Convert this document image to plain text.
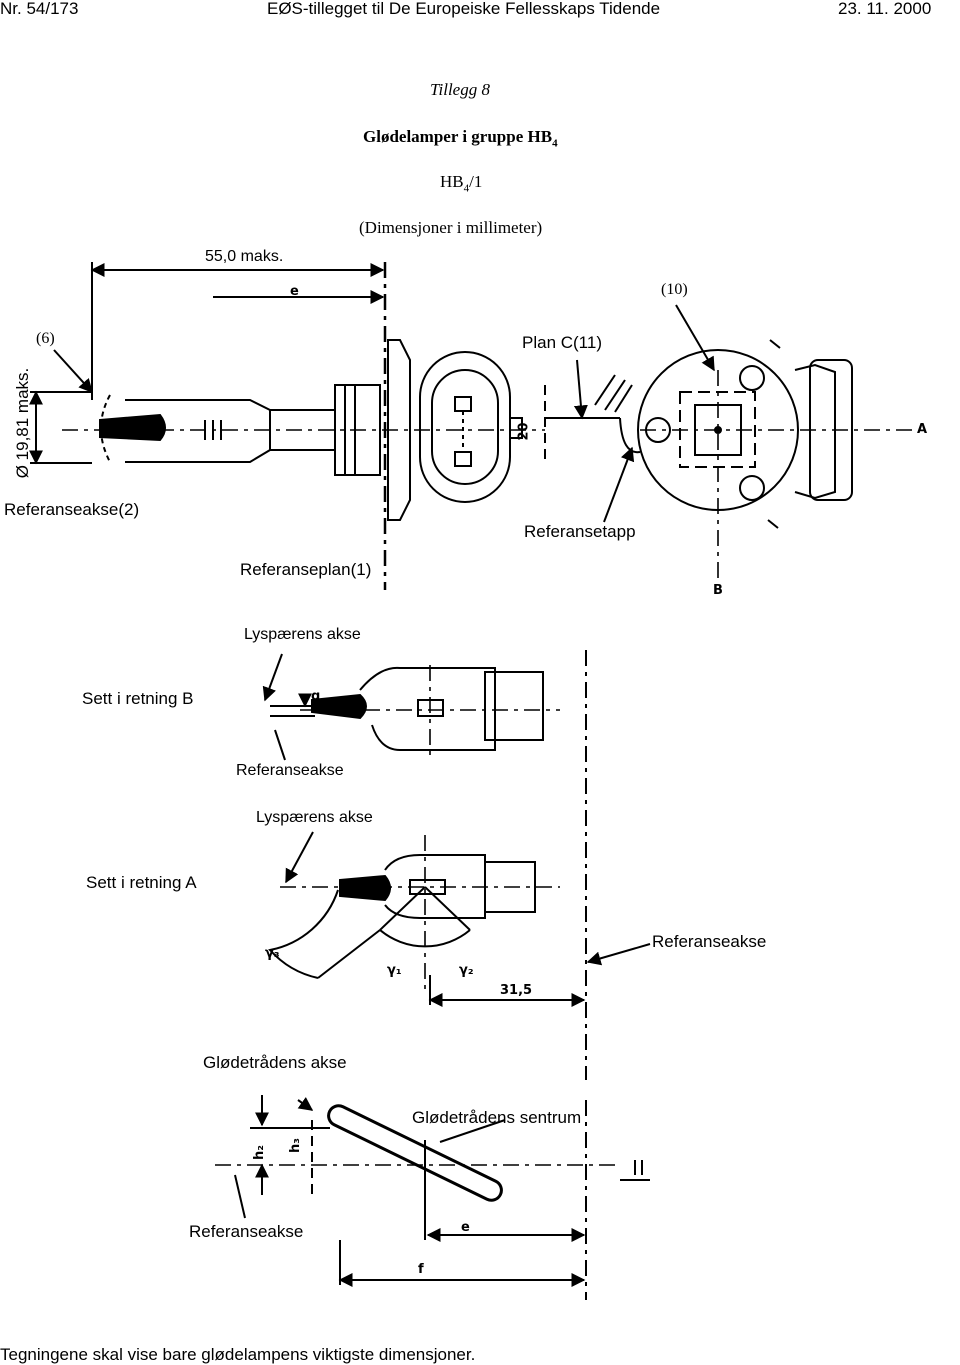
Nr. 54/173	EØS-tillegget til De Europeiske Fellesskaps Tidende	23. 11. 2000
Tillegg 8
Glødelamper i gruppe $HB_4$
$HB_4/1$
(Dimensjoner i millimeter)
55,0 maks.
e	(10)
(6)	Plan C(11)
Ø 19,81 maks.	20	A
B
Referanseakse(2)
Referansetapp
Referanseplan(1)
Lyspærens akse
Sett i retning B	g
Referanseakse
Lyspærens akse
Sett i retning A
γ₃
γ₁	γ₂
31,5
Referanseakse
Glødetrådens akse
Glødetrådens sentrum
h₂ h₃
Referanseakse	e
f
Tegningene skal vise bare glødelampens viktigste dimensjoner.
